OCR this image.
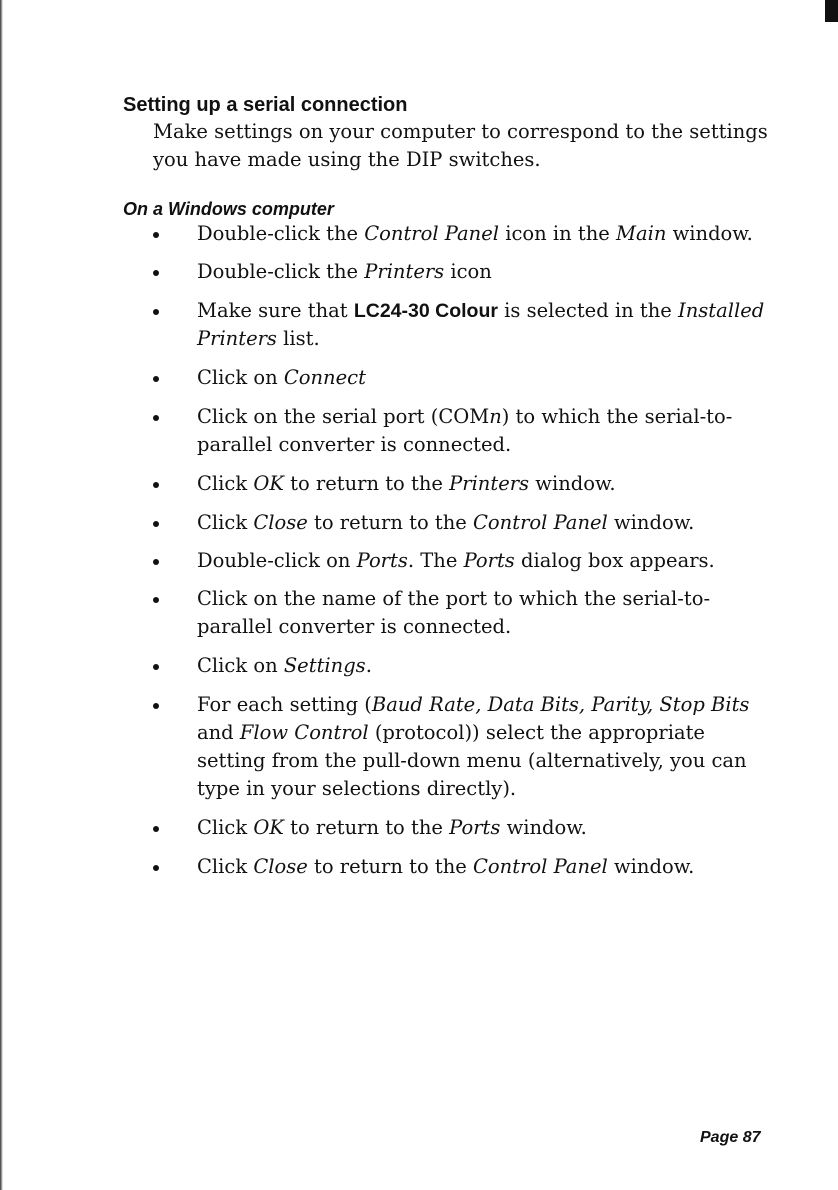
Setting up a serial connection

Make settings on your computer to correspond to the settings you have made using the DIP switches.

On a Windows computer
Double-click the Control Panel icon in the Main window.
Double-click the Printers icon
Make sure that LC24-30 Colour is selected in the Installed Printers list.
Click on Connect
Click on the serial port (COMn) to which the serial-to-parallel converter is connected.
Click OK to return to the Printers window.
Click Close to return to the Control Panel window.
Double-click on Ports. The Ports dialog box appears.
Click on the name of the port to which the serial-to-parallel converter is connected.
Click on Settings.
For each setting (Baud Rate, Data Bits, Parity, Stop Bits and Flow Control (protocol)) select the appropriate setting from the pull-down menu (alternatively, you can type in your selections directly).
Click OK to return to the Ports window.
Click Close to return to the Control Panel window.

Page 87
